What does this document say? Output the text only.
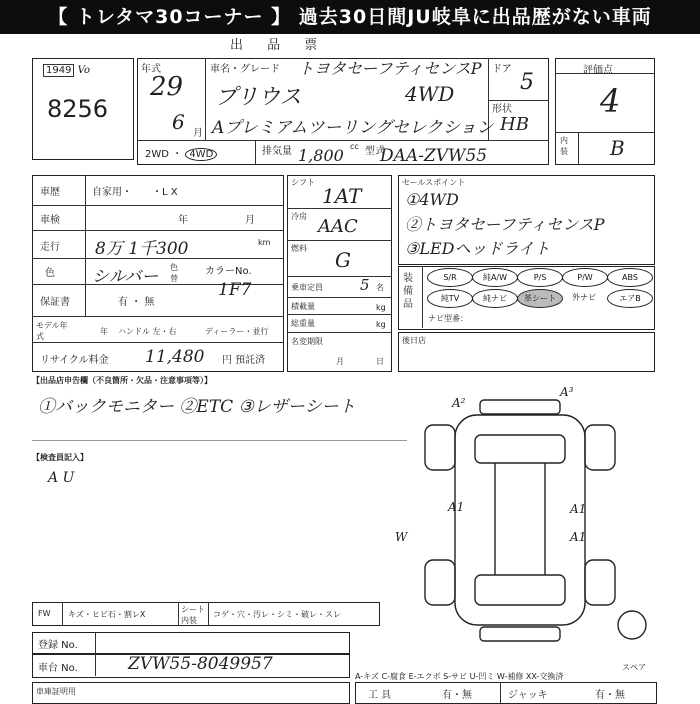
【 トレタマ30コーナー 】 過去30日間JU岐阜に出品歴がない車両
出 品 票
1949 Vo
8256
年式
29
6 月
車名・グレード トヨタセーフティセンスP
プリウス	4WD
Aプレミアムツーリングセレクション
ドア
5
形状
HB
2WD ・ 4WD	排気量 1,800 cc 型式
DAA-ZVW55
評価点
4
内装 B
車歴	自家用・　　・L X
車検	年	月
走行 8万 1千300	km
色 シルバー 色替
カラーNo.
1F7
保証書	有 ・ 無
モデル年式
年 ハンドル 左・右	ディーラー・並行
リサイクル料金 11,480 円 預託済
シフト
1AT
冷房 AAC
燃料 G
乗車定員 5 名
積載量	kg
総重量	kg
名変期限
月	日
セールスポイント
①4WD
②トヨタセーフティセンスP
③LEDヘッドライト
装備品
S/R	純A/W	P/S	P/W	ABS
純TV	純ナビ	革シート	外ナビ	エアB
ナビ型番：
後日店
【出品店申告欄（不良箇所・欠品・注意事項等）】
①バックモニター ②ETC ③レザーシート
【検査員記入】
A U
A²
A³
A1	A1
A1
W
スペア
FW キズ・ヒビ石・割レX
シート内装
コゲ・穴・汚レ・シミ・破レ・スレ
登録 No.
車台 No.	ZVW55-8049957
A-キズ C-腐食 E-エクボ S-サビ U-凹ミ W-補修 XX-交換済
車庫証明用	工 具	有・無	ジャッキ	有・無
